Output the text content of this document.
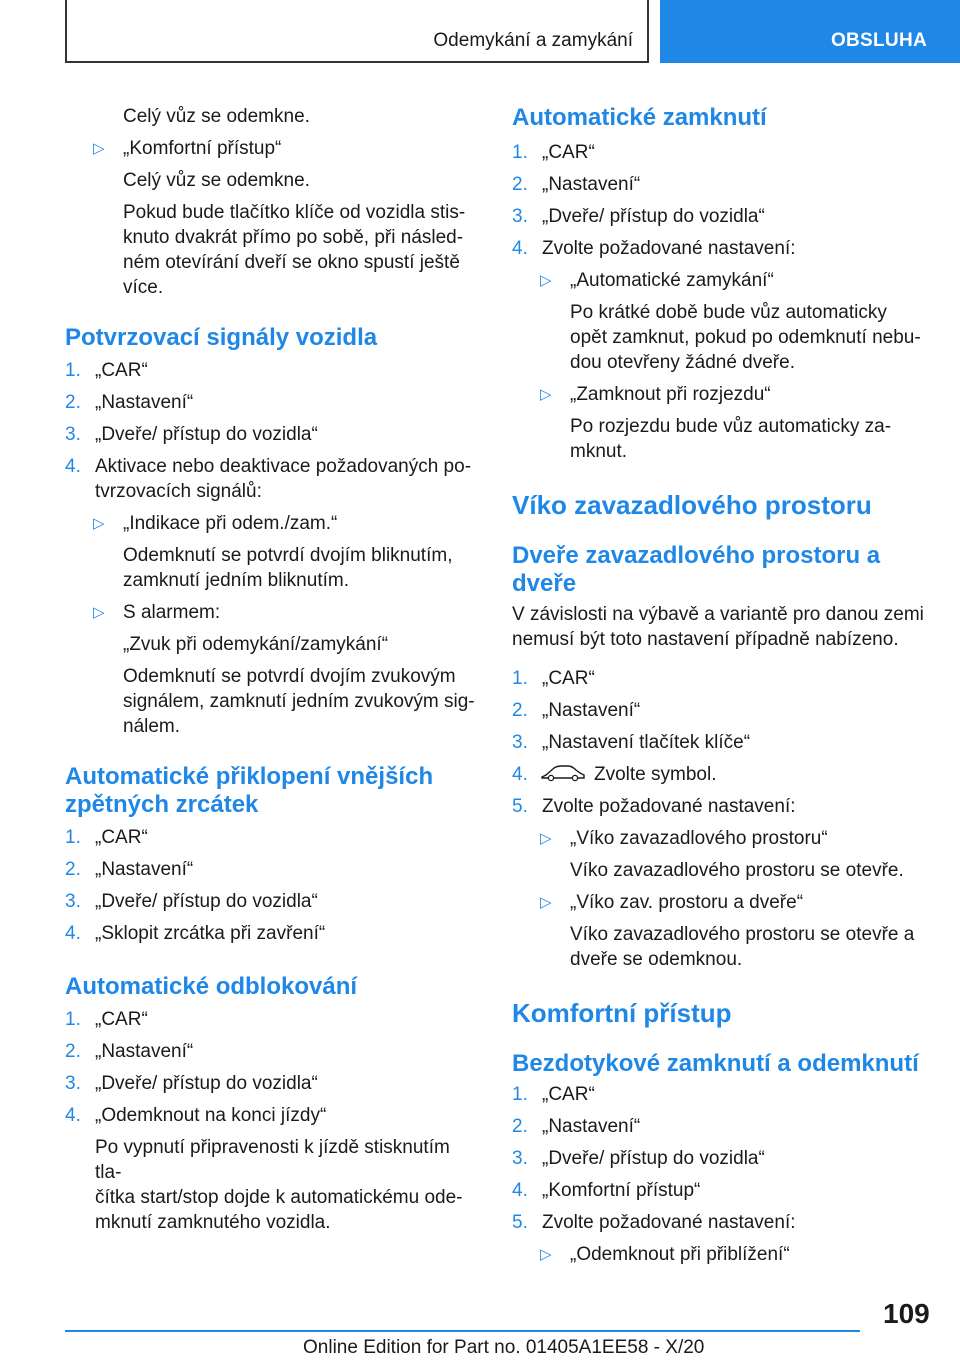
Odemykání a zamykání	OBSLUHA
Celý vůz se odemkne.
▷ „Komfortní přístup“
Celý vůz se odemkne.
Pokud bude tlačítko klíče od vozidla stis-
knuto dvakrát přímo po sobě, při násled-
ném otevírání dveří se okno spustí ještě
více.
Potvrzovací signály vozidla
1. „CAR“
2. „Nastavení“
3. „Dveře/ přístup do vozidla“
4. Aktivace nebo deaktivace požadovaných po-
tvrzovacích signálů:
▷ „Indikace při odem./zam.“
Odemknutí se potvrdí dvojím bliknutím,
zamknutí jedním bliknutím.
▷ S alarmem:
„Zvuk při odemykání/zamykání“
Odemknutí se potvrdí dvojím zvukovým
signálem, zamknutí jedním zvukovým sig-
nálem.
Automatické přiklopení vnějších
zpětných zrcátek
1. „CAR“
2. „Nastavení“
3. „Dveře/ přístup do vozidla“
4. „Sklopit zrcátka při zavření“
Automatické odblokování
1. „CAR“
2. „Nastavení“
3. „Dveře/ přístup do vozidla“
4. „Odemknout na konci jízdy“
Po vypnutí připravenosti k jízdě stisknutím tla-
čítka start/stop dojde k automatickému ode-
mknutí zamknutého vozidla.
Automatické zamknutí
1. „CAR“
2. „Nastavení“
3. „Dveře/ přístup do vozidla“
4. Zvolte požadované nastavení:
▷ „Automatické zamykání“
Po krátké době bude vůz automaticky
opět zamknut, pokud po odemknutí nebu-
dou otevřeny žádné dveře.
▷ „Zamknout při rozjezdu“
Po rozjezdu bude vůz automaticky za-
mknut.
Víko zavazadlového prostoru
Dveře zavazadlového prostoru a
dveře
V závislosti na výbavě a variantě pro danou zemi
nemusí být toto nastavení případně nabízeno.
1. „CAR“
2. „Nastavení“
3. „Nastavení tlačítek klíče“
4.	Zvolte symbol.
5. Zvolte požadované nastavení:
▷ „Víko zavazadlového prostoru“
Víko zavazadlového prostoru se otevře.
▷ „Víko zav. prostoru a dveře“
Víko zavazadlového prostoru se otevře a
dveře se odemknou.
Komfortní přístup
Bezdotykové zamknutí a odemknutí
1. „CAR“
2. „Nastavení“
3. „Dveře/ přístup do vozidla“
4. „Komfortní přístup“
5. Zvolte požadované nastavení:
▷ „Odemknout při přiblížení“
109
Online Edition for Part no. 01405A1EE58 - X/20
